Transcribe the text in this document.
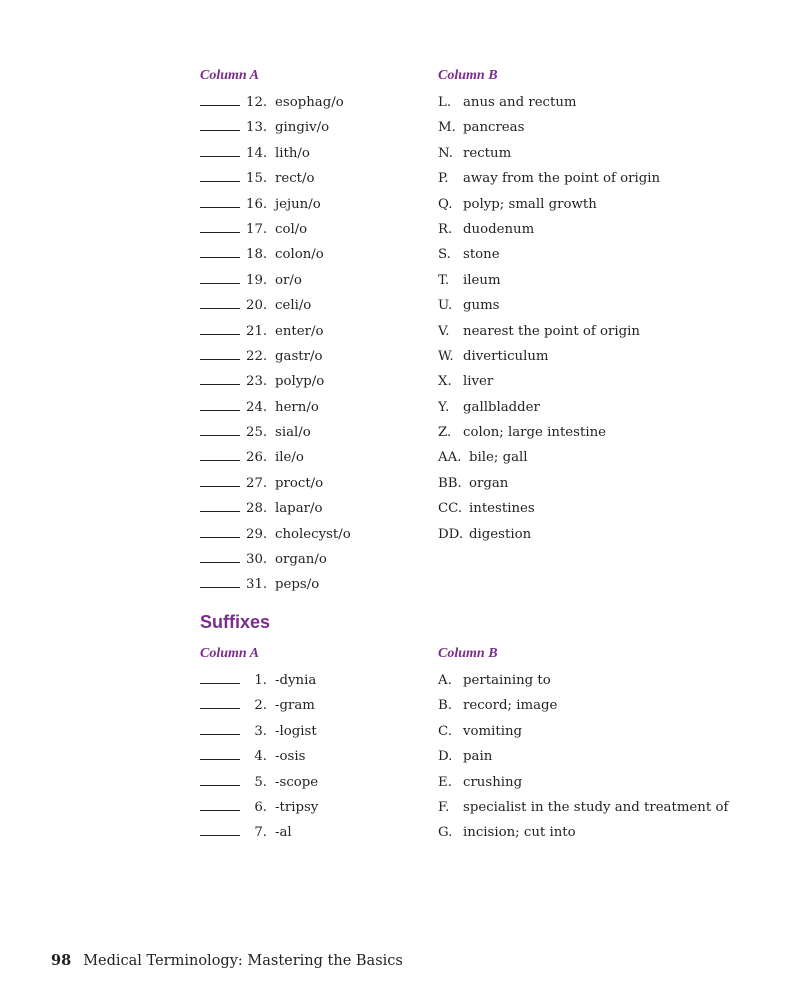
Column A	Column B
12. esophag/o
13. gingiv/o
14. lith/o
15. rect/o
16. jejun/o
17. col/o
18. colon/o
19. or/o
20. celi/o
21. enter/o
22. gastr/o
23. polyp/o
24. hern/o
25. sial/o
26. ile/o
27. proct/o
28. lapar/o
29. cholecyst/o
30. organ/o
31. peps/o
L. anus and rectum
M. pancreas
N. rectum
P. away from the point of origin
Q. polyp; small growth
R. duodenum
S. stone
T. ileum
U. gums
V. nearest the point of origin
W. diverticulum
X. liver
Y. gallbladder
Z. colon; large intestine
AA. bile; gall
BB. organ
CC. intestines
DD. digestion
Suffixes
Column A	Column B
1. -dynia
2. -gram
3. -logist
4. -osis
5. -scope
6. -tripsy
7. -al
A. pertaining to
B. record; image
C. vomiting
D. pain
E. crushing
F. specialist in the study and treatment of
G. incision; cut into
98 Medical Terminology: Mastering the Basics
